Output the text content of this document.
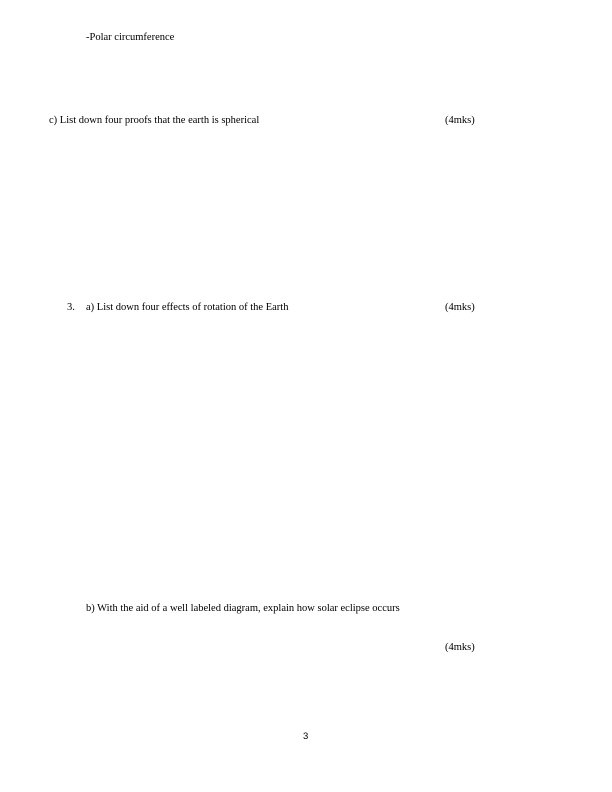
-Polar circumference
c) List down four proofs that the earth is spherical	(4mks)
3. a) List down four effects of rotation of the Earth	(4mks)
b) With the aid of a well labeled diagram, explain how solar eclipse occurs
(4mks)
3
